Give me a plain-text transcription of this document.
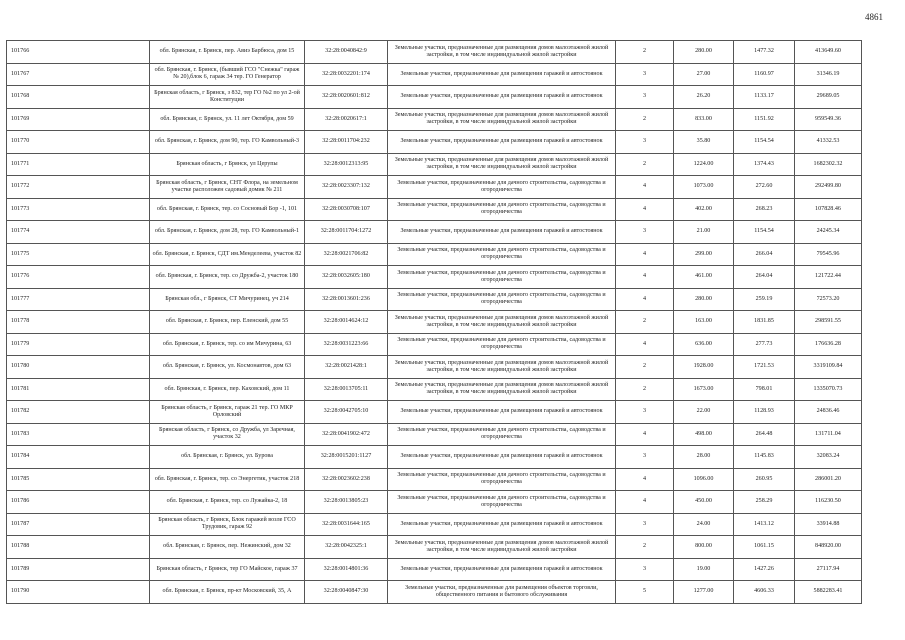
4861
101766	обл. Брянская, г. Брянск, пер. Авиэ Барбюса, дом 15	32:28:0040842:9	Земельные участки, предназначенные для размещения домов малоэтажной жилой застройки, в том числе индивидуальной жилой застройки	2	280.00	1477.32	413649.60
101767	обл. Брянская, г. Брянск, (бывший ГСО "Снежка" гараж № 20),блок 6, гараж 34 тер. ГО Генератор	32:28:0032201:174	Земельные участки, предназначенные для размещения гаражей и автостоянок	3	27.00	1160.97	31346.19
101768	Брянская область, г Брянск, з 832, тер ГО №2 по ул 2-ой Конституции	32:28:0020601:812	Земельные участки, предназначенные для размещения гаражей и автостоянок	3	26.20	1133.17	29689.05
101769	обл. Брянская, г. Брянск, ул. 11 лет Октября, дом 59	32:28:0020617:1	Земельные участки, предназначенные для размещения домов малоэтажной жилой застройки, в том числе индивидуальной жилой застройки	2	833.00	1151.92	959549.36
101770	обл. Брянская, г. Брянск, дом 90, тер. ГО Камвольный-3	32:28:0011704:232	Земельные участки, предназначенные для размещения гаражей и автостоянок	3	35.80	1154.54	41332.53
101771	Брянская область, г Брянск, ул Церупы	32:28:0012313:95	Земельные участки, предназначенные для размещения домов малоэтажной жилой застройки, в том числе индивидуальной жилой застройки	2	1224.00	1374.43	1682302.32
101772	Брянская область, г Брянск, СНТ Флора, на земельном участке расположен садовый домик № 211	32:28:0023307:132	Земельные участки, предназначенные для дачного строительства, садоводства и огородничества	4	1073.00	272.60	292499.80
101773	обл. Брянская, г. Брянск, тер. со Сосновый Бор -1, 101	32:28:0030708:107	Земельные участки, предназначенные для дачного строительства, садоводства и огородничества	4	402.00	268.23	107828.46
101774	обл. Брянская, г. Брянск, дом 28, тер. ГО Камвольный-1	32:28:0011704:1272	Земельные участки, предназначенные для размещения гаражей и автостоянок	3	21.00	1154.54	24245.34
101775	обл. Брянская, г. Брянск, СДТ им.Менделеева, участок 82	32:28:0021706:82	Земельные участки, предназначенные для дачного строительства, садоводства и огородничества	4	299.00	266.04	79545.96
101776	обл. Брянская, г. Брянск, тер. со Дружба-2, участок 180	32:28:0032605:180	Земельные участки, предназначенные для дачного строительства, садоводства и огородничества	4	461.00	264.04	121722.44
101777	Брянская обл., г Брянск, СТ Мичуринец, уч 214	32:28:0013601:236	Земельные участки, предназначенные для дачного строительства, садоводства и огородничества	4	280.00	259.19	72573.20
101778	обл. Брянская, г. Брянск, пер. Еленский, дом 55	32:28:0014624:12	Земельные участки, предназначенные для размещения домов малоэтажной жилой застройки, в том числе индивидуальной жилой застройки	2	163.00	1831.85	298591.55
101779	обл. Брянская, г. Брянск, тер. со им Мичурина, 63	32:28:0031223:66	Земельные участки, предназначенные для дачного строительства, садоводства и огородничества	4	636.00	277.73	176636.28
101780	обл. Брянская, г. Брянск, ул. Космонавтов, дом 63	32:28:0021428:1	Земельные участки, предназначенные для размещения домов малоэтажной жилой застройки, в том числе индивидуальной жилой застройки	2	1928.00	1721.53	3319109.84
101781	обл. Брянская, г. Брянск, пер. Каховский, дом 11	32:28:0013705:11	Земельные участки, предназначенные для размещения домов малоэтажной жилой застройки, в том числе индивидуальной жилой застройки	2	1673.00	798.01	1335070.73
101782	Брянская область, г Брянск, гараж 21 тер. ГО МКР Орловский	32:28:0042705:10	Земельные участки, предназначенные для размещения гаражей и автостоянок	3	22.00	1128.93	24836.46
101783	Брянская область, г Брянск, со Дружба, ул Заречная, участок 32	32:28:0041902:472	Земельные участки, предназначенные для дачного строительства, садоводства и огородничества	4	498.00	264.48	131711.04
101784	обл. Брянская, г. Брянск, ул. Бурова	32:28:0015201:1127	Земельные участки, предназначенные для размещения гаражей и автостоянок	3	28.00	1145.83	32083.24
101785	обл. Брянская, г. Брянск, тер. со Энергетик, участок 218	32:28:0023602:238	Земельные участки, предназначенные для дачного строительства, садоводства и огородничества	4	1096.00	260.95	286001.20
101786	обл. Брянская, г. Брянск, тер. со Лужайка-2, 18	32:28:0013805:23	Земельные участки, предназначенные для дачного строительства, садоводства и огородничества	4	450.00	258.29	116230.50
101787	Брянская область, г Брянск, Блок гаражей возле ГСО Трудовик, гараж 92	32:28:0031644:165	Земельные участки, предназначенные для размещения гаражей и автостоянок	3	24.00	1413.12	33914.88
101788	обл. Брянская, г. Брянск, пер. Нежинский, дом 32	32:28:0042325:1	Земельные участки, предназначенные для размещения домов малоэтажной жилой застройки, в том числе индивидуальной жилой застройки	2	800.00	1061.15	848920.00
101789	Брянская область, г Брянск, тер ГО Майское, гараж 37	32:28:0014801:36	Земельные участки, предназначенные для размещения гаражей и автостоянок	3	19.00	1427.26	27117.94
101790	обл. Брянская, г. Брянск, пр-кт Московский, 35, А	32:28:0040847:30	Земельные участки, предназначенные для размещения объектов торговли, общественного питания и бытового обслуживания	5	1277.00	4606.33	5882283.41
